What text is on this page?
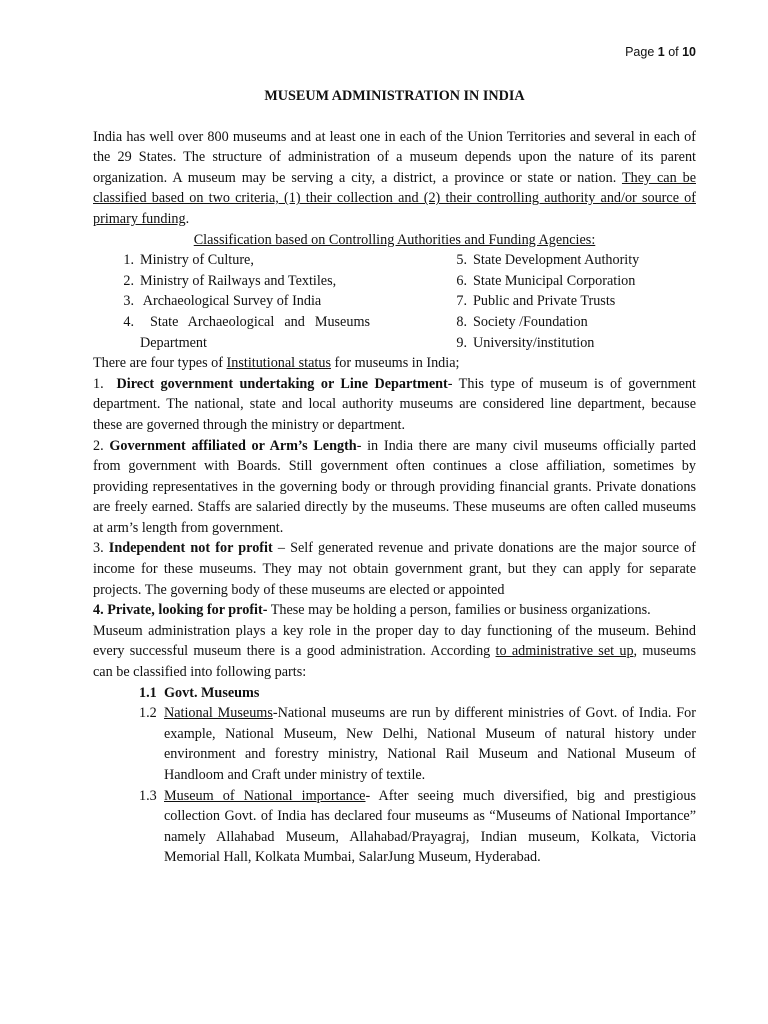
Page 1 of 10
MUSEUM ADMINISTRATION IN INDIA

India has well over 800 museums and at least one in each of the Union Territories and several in each of the 29 States. The structure of administration of a museum depends upon the nature of its parent organization. A museum may be serving a city, a district, a province or state or nation. They can be classified based on two criteria, (1) their collection and (2) their controlling authority and/or source of primary funding.

Classification based on Controlling Authorities and Funding Agencies:
1. Ministry of Culture,
2. Ministry of Railways and Textiles,
3. Archaeological Survey of India
4. State Archaeological and Museums Department
5. State Development Authority
6. State Municipal Corporation
7. Public and Private Trusts
8. Society /Foundation
9. University/institution

There are four types of Institutional status for museums in India;

1.  Direct government undertaking or Line Department- This type of museum is of government department. The national, state and local authority museums are considered line department, because these are governed through the ministry or department.

2. Government affiliated or Arm’s Length- in India there are many civil museums officially parted from government with Boards. Still government often continues a close affiliation, sometimes by providing representatives in the governing body or through providing financial grants. Private donations are freely earned. Staffs are salaried directly by the museums. These museums are often called museums at arm’s length from government.

3. Independent not for profit – Self generated revenue and private donations are the major source of income for these museums. They may not obtain government grant, but they can apply for separate projects. The governing body of these museums are elected or appointed

4. Private, looking for profit- These may be holding a person, families or business organizations.

Museum administration plays a key role in the proper day to day functioning of the museum. Behind every successful museum there is a good administration. According to administrative set up, museums can be classified into following parts:

1.1 Govt. Museums
1.2 National Museums-National museums are run by different ministries of Govt. of India. For example, National Museum, New Delhi, National Museum of natural history under environment and forestry ministry, National Rail Museum and National Museum of Handloom and Craft under ministry of textile.
1.3 Museum of National importance- After seeing much diversified, big and prestigious collection Govt. of India has declared four museums as “Museums of National Importance” namely Allahabad Museum, Allahabad/Prayagraj, Indian museum, Kolkata, Victoria Memorial Hall, Kolkata Mumbai, SalarJung Museum, Hyderabad.
